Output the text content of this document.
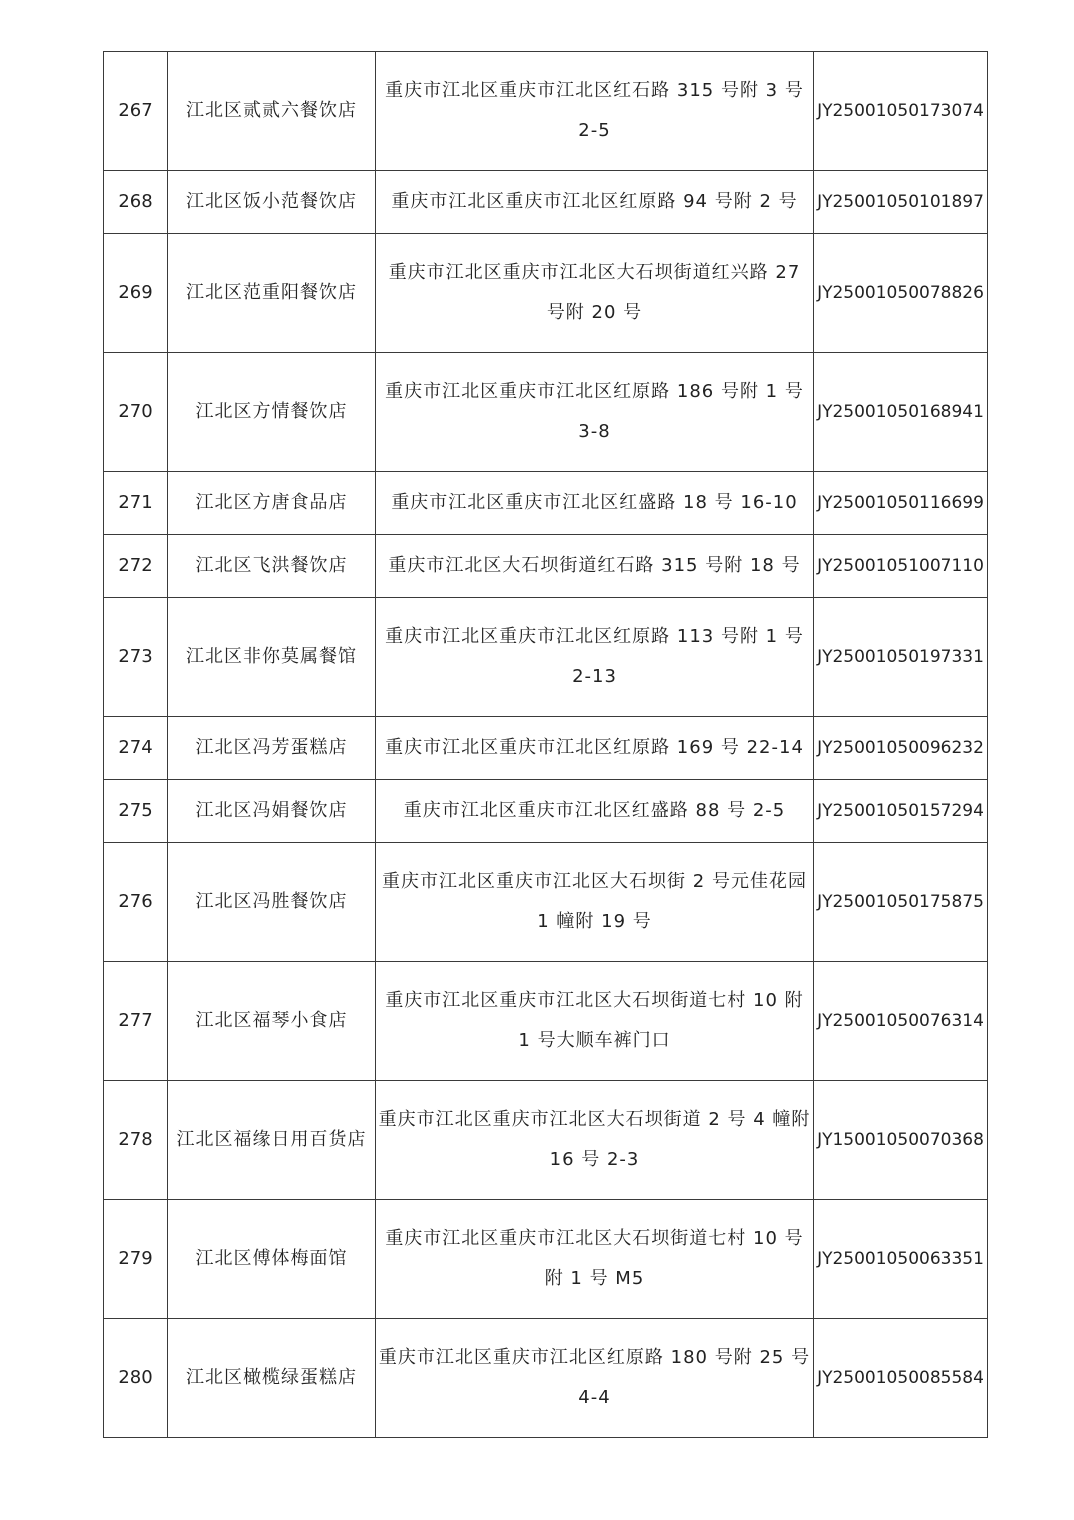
267	江北区贰贰六餐饮店	重庆市江北区重庆市江北区红石路 315 号附 3 号 2-5	JY25001050173074
268	江北区饭小范餐饮店	重庆市江北区重庆市江北区红原路 94 号附 2 号	JY25001050101897
269	江北区范重阳餐饮店	重庆市江北区重庆市江北区大石坝街道红兴路 27 号附 20 号	JY25001050078826
270	江北区方情餐饮店	重庆市江北区重庆市江北区红原路 186 号附 1 号 3-8	JY25001050168941
271	江北区方唐食品店	重庆市江北区重庆市江北区红盛路 18 号 16-10	JY25001050116699
272	江北区飞洪餐饮店	重庆市江北区大石坝街道红石路 315 号附 18 号	JY25001051007110
273	江北区非你莫属餐馆	重庆市江北区重庆市江北区红原路 113 号附 1 号 2-13	JY25001050197331
274	江北区冯芳蛋糕店	重庆市江北区重庆市江北区红原路 169 号 22-14	JY25001050096232
275	江北区冯娟餐饮店	重庆市江北区重庆市江北区红盛路 88 号 2-5	JY25001050157294
276	江北区冯胜餐饮店	重庆市江北区重庆市江北区大石坝街 2 号元佳花园 1 幢附 19 号	JY25001050175875
277	江北区福琴小食店	重庆市江北区重庆市江北区大石坝街道七村 10 附 1 号大顺车裤门口	JY25001050076314
278	江北区福缘日用百货店	重庆市江北区重庆市江北区大石坝街道 2 号 4 幢附 16 号 2-3	JY15001050070368
279	江北区傅体梅面馆	重庆市江北区重庆市江北区大石坝街道七村 10 号附 1 号 M5	JY25001050063351
280	江北区橄榄绿蛋糕店	重庆市江北区重庆市江北区红原路 180 号附 25 号 4-4	JY25001050085584
